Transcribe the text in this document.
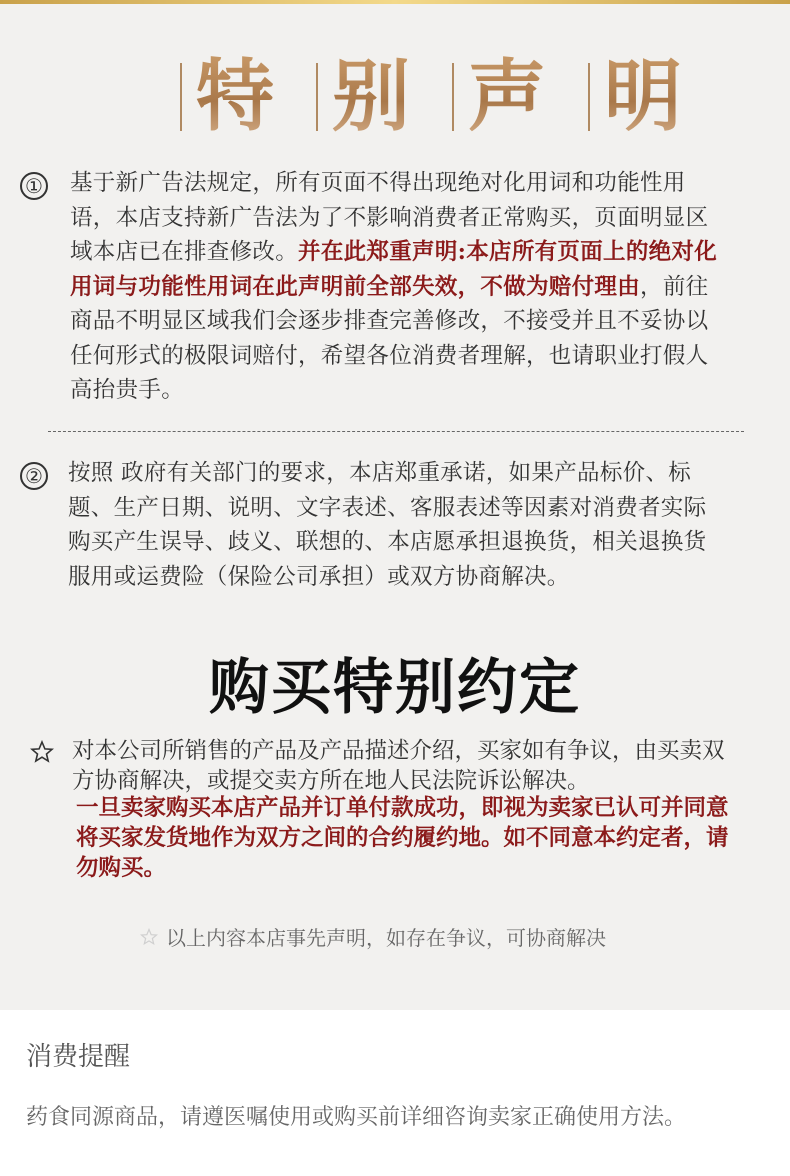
特 别 声 明
① 基于新广告法规定，所有页面不得出现绝对化用词和功能性用语，本店支持新广告法为了不影响消费者正常购买，页面明显区域本店已在排查修改。并在此郑重声明:本店所有页面上的绝对化用词与功能性用词在此声明前全部失效，不做为赔付理由，前往商品不明显区域我们会逐步排查完善修改，不接受并且不妥协以任何形式的极限词赔付，希望各位消费者理解，也请职业打假人高抬贵手。
② 按照 政府有关部门的要求，本店郑重承诺，如果产品标价、标题、生产日期、说明、文字表述、客服表述等因素对消费者实际购买产生误导、歧义、联想的、本店愿承担退换货，相关退换货服用或运费险（保险公司承担）或双方协商解决。
购买特别约定
对本公司所销售的产品及产品描述介绍，买家如有争议，由买卖双方协商解决，或提交卖方所在地人民法院诉讼解决。
一旦卖家购买本店产品并订单付款成功，即视为卖家已认可并同意将买家发货地作为双方之间的合约履约地。如不同意本约定者，请勿购买。
以上内容本店事先声明，如存在争议，可协商解决
消费提醒
药食同源商品，请遵医嘱使用或购买前详细咨询卖家正确使用方法。
